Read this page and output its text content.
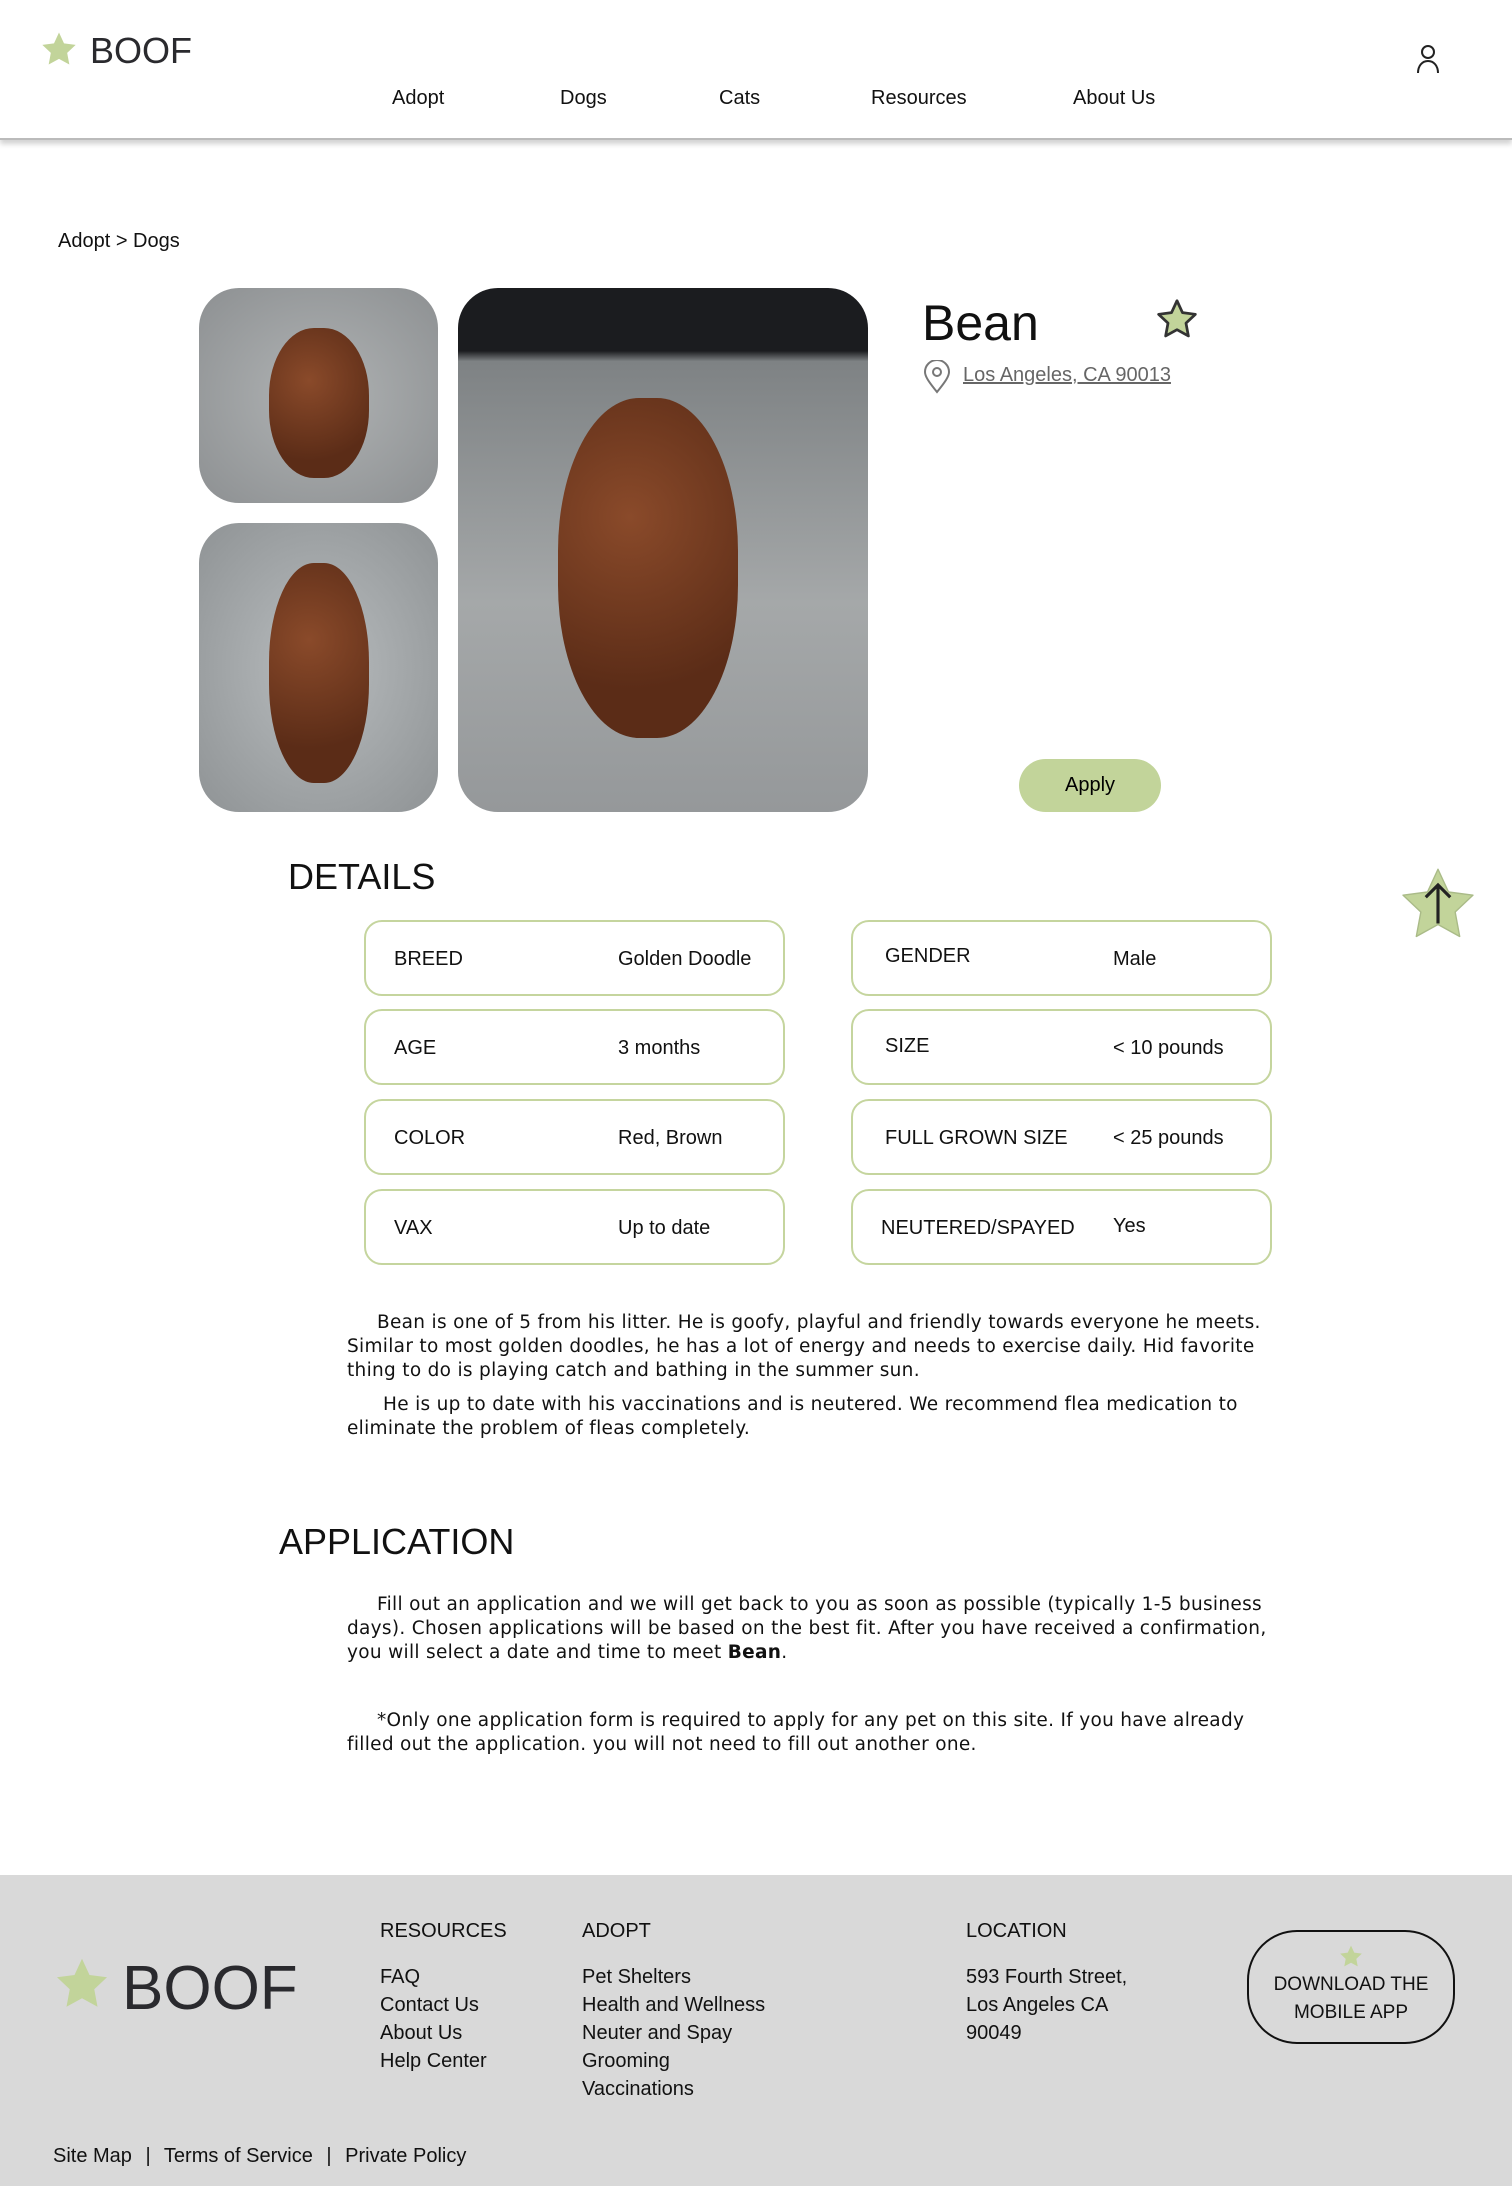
BOOF
Adopt	Dogs	Cats	Resources	About Us
Adopt > Dogs
Bean
Los Angeles, CA 90013
Apply
DETAILS
BREED	Golden Doodle
AGE	3 months
COLOR	Red, Brown
VAX	Up to date
GENDER	Male
SIZE	< 10 pounds
FULL GROWN SIZE < 25 pounds
NEUTERED/SPAYED Yes

Bean is one of 5 from his litter. He is goofy, playful and friendly towards everyone he meets. Similar to most golden doodles, he has a lot of energy and needs to exercise daily. Hid favorite thing to do is playing catch and bathing in the summer sun.

He is up to date with his vaccinations and is neutered. We recommend flea medication to eliminate the problem of fleas completely.

APPLICATION

Fill out an application and we will get back to you as soon as possible (typically 1-5 business days). Chosen applications will be based on the best fit. After you have received a confirmation, you will select a date and time to meet Bean.

*Only one application form is required to apply for any pet on this site. If you have already filled out the application. you will not need to fill out another one.

BOOF
RESOURCES
FAQ
Contact Us
About Us
Help Center
ADOPT
Pet Shelters
Health and Wellness
Neuter and Spay
Grooming
Vaccinations
LOCATION
593 Fourth Street,
Los Angeles CA
90049
DOWNLOAD THE MOBILE APP
Site Map | Terms of Service | Private Policy
